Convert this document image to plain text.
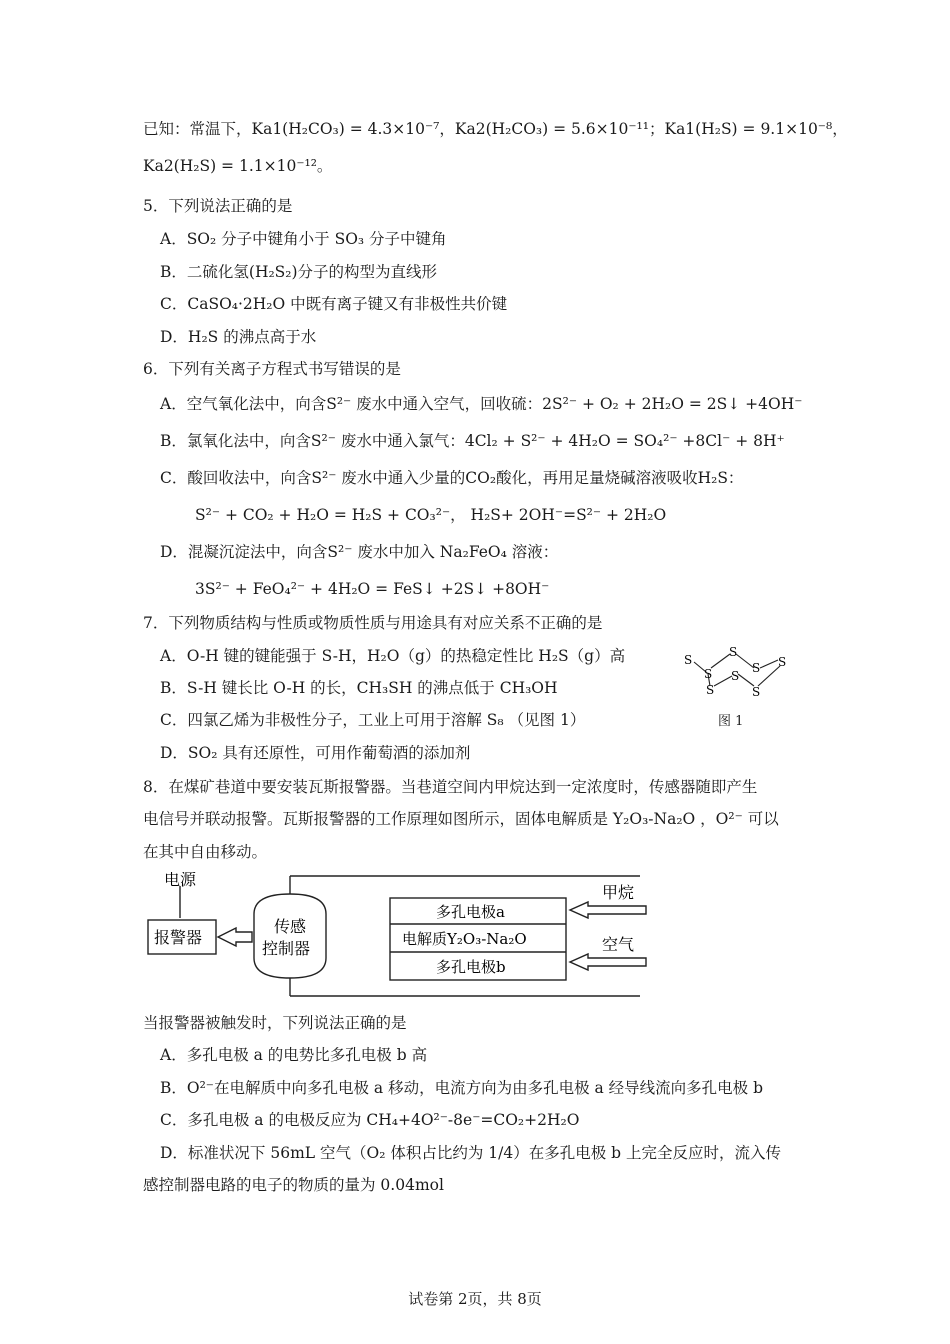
已知：常温下，Ka1(H₂CO₃) = 4.3×10⁻⁷，Ka2(H₂CO₃) = 5.6×10⁻¹¹；Ka1(H₂S) = 9.1×10⁻⁸，
Ka2(H₂S) = 1.1×10⁻¹²。
5．下列说法正确的是
A．SO₂ 分子中键角小于 SO₃ 分子中键角
B．二硫化氢(H₂S₂)分子的构型为直线形
C．CaSO₄·2H₂O 中既有离子键又有非极性共价键
D．H₂S 的沸点高于水
6．下列有关离子方程式书写错误的是
A．空气氧化法中，向含S²⁻ 废水中通入空气，回收硫：2S²⁻ + O₂ + 2H₂O = 2S↓ +4OH⁻
B．氯氧化法中，向含S²⁻ 废水中通入氯气：4Cl₂ + S²⁻ + 4H₂O = SO₄²⁻ +8Cl⁻ + 8H⁺
C．酸回收法中，向含S²⁻ 废水中通入少量的CO₂酸化，再用足量烧碱溶液吸收H₂S：
S²⁻ + CO₂ + H₂O = H₂S + CO₃²⁻， H₂S+ 2OH⁻=S²⁻ + 2H₂O
D．混凝沉淀法中，向含S²⁻ 废水中加入 Na₂FeO₄ 溶液：
3S²⁻ + FeO₄²⁻ + 4H₂O = FeS↓ +2S↓ +8OH⁻
7．下列物质结构与性质或物质性质与用途具有对应关系不正确的是
A．O-H 键的键能强于 S-H，H₂O（g）的热稳定性比 H₂S（g）高
B．S-H 键长比 O-H 的长，CH₃SH 的沸点低于 CH₃OH
C．四氯乙烯为非极性分子，工业上可用于溶解 S₈ （见图 1）
D．SO₂ 具有还原性，可用作葡萄酒的添加剂
S
S
S
S S
S
S
S
图 1
8．在煤矿巷道中要安装瓦斯报警器。当巷道空间内甲烷达到一定浓度时，传感器随即产生
电信号并联动报警。瓦斯报警器的工作原理如图所示，固体电解质是 Y₂O₃-Na₂O ，O²⁻ 可以
在其中自由移动。
电源
报警器
传感
控制器
多孔电极a
电解质Y₂O₃-Na₂O
多孔电极b
甲烷
空气
当报警器被触发时，下列说法正确的是
A．多孔电极 a 的电势比多孔电极 b 高
B．O²⁻在电解质中向多孔电极 a 移动，电流方向为由多孔电极 a 经导线流向多孔电极 b
C．多孔电极 a 的电极反应为 CH₄+4O²⁻-8e⁻=CO₂+2H₂O
D．标准状况下 56mL 空气（O₂ 体积占比约为 1/4）在多孔电极 b 上完全反应时，流入传
感控制器电路的电子的物质的量为 0.04mol
试卷第 2页，共 8页
